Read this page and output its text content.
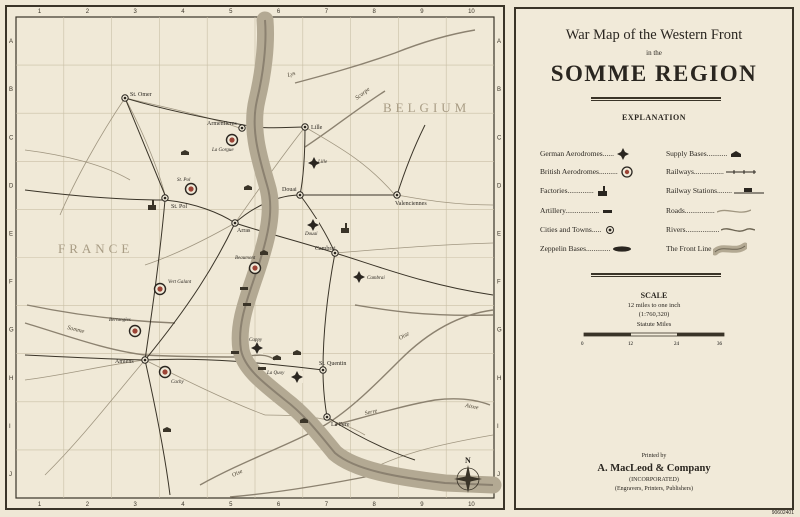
1
1
2
2
3
3
4
4
5
5
6
6
7
7
8
8
9
9
10
10
A	A
B	B
C	C
D	D
E	E
F	F
G	G
H	H
I	I
J	J
BELGIUM
FRANCE
St. Omer
Armentieres
Lille
St. Pol
Douai
Valenciennes
Arras
Cambrai
Amiens	St. Quentin
La Fere
La Gorgue
Lille
St. Pol
Douai
Cambrai
Bertangles
Cachy
Vert Galant
Beaumont
Cappy
La Quoy
Lys
Scarpe
Somme
Oise
Oise
Serre
Aisne
N
War Map of the Western Front
in the
SOMME REGION
EXPLANATION
German Aerodromes......
British Aerodromes..........
Factories..............
Artillery..................
Cities and Towns.....
Zeppelin Bases.............
Supply Bases...........
Railways................
Railway Stations........
Roads................
Rivers..................
The Front Line
SCALE
12 miles to one inch
(1:760,320)
Statute Miles
0	12	24	36
Printed by
A. MacLeod & Company
(INCORPORATED)
(Engravers, Printers, Publishers)
90602401
